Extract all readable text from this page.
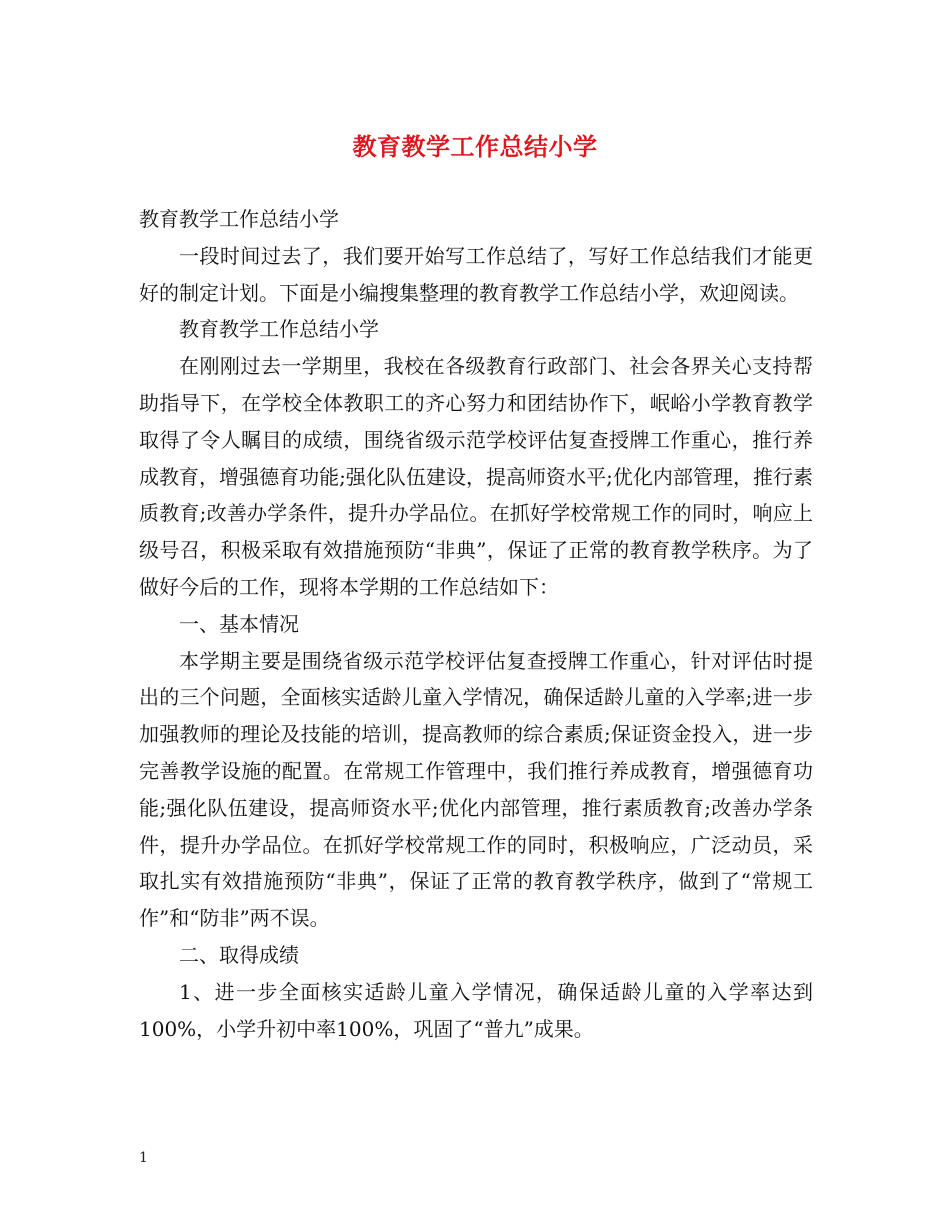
教育教学工作总结小学

教育教学工作总结小学

一段时间过去了，我们要开始写工作总结了，写好工作总结我们才能更好的制定计划。下面是小编搜集整理的教育教学工作总结小学，欢迎阅读。

教育教学工作总结小学

在刚刚过去一学期里，我校在各级教育行政部门、社会各界关心支持帮助指导下，在学校全体教职工的齐心努力和团结协作下，岷峪小学教育教学取得了令人瞩目的成绩，围绕省级示范学校评估复查授牌工作重心，推行养成教育，增强德育功能;强化队伍建设，提高师资水平;优化内部管理，推行素质教育;改善办学条件，提升办学品位。在抓好学校常规工作的同时，响应上级号召，积极采取有效措施预防“非典”，保证了正常的教育教学秩序。为了做好今后的工作，现将本学期的工作总结如下：

一、基本情况

本学期主要是围绕省级示范学校评估复查授牌工作重心，针对评估时提出的三个问题，全面核实适龄儿童入学情况，确保适龄儿童的入学率;进一步加强教师的理论及技能的培训，提高教师的综合素质;保证资金投入，进一步完善教学设施的配置。在常规工作管理中，我们推行养成教育，增强德育功能;强化队伍建设，提高师资水平;优化内部管理，推行素质教育;改善办学条件，提升办学品位。在抓好学校常规工作的同时，积极响应，广泛动员，采取扎实有效措施预防“非典”，保证了正常的教育教学秩序，做到了“常规工作”和“防非”两不误。

二、取得成绩

1、进一步全面核实适龄儿童入学情况，确保适龄儿童的入学率达到100%，小学升初中率100%，巩固了“普九”成果。

1
